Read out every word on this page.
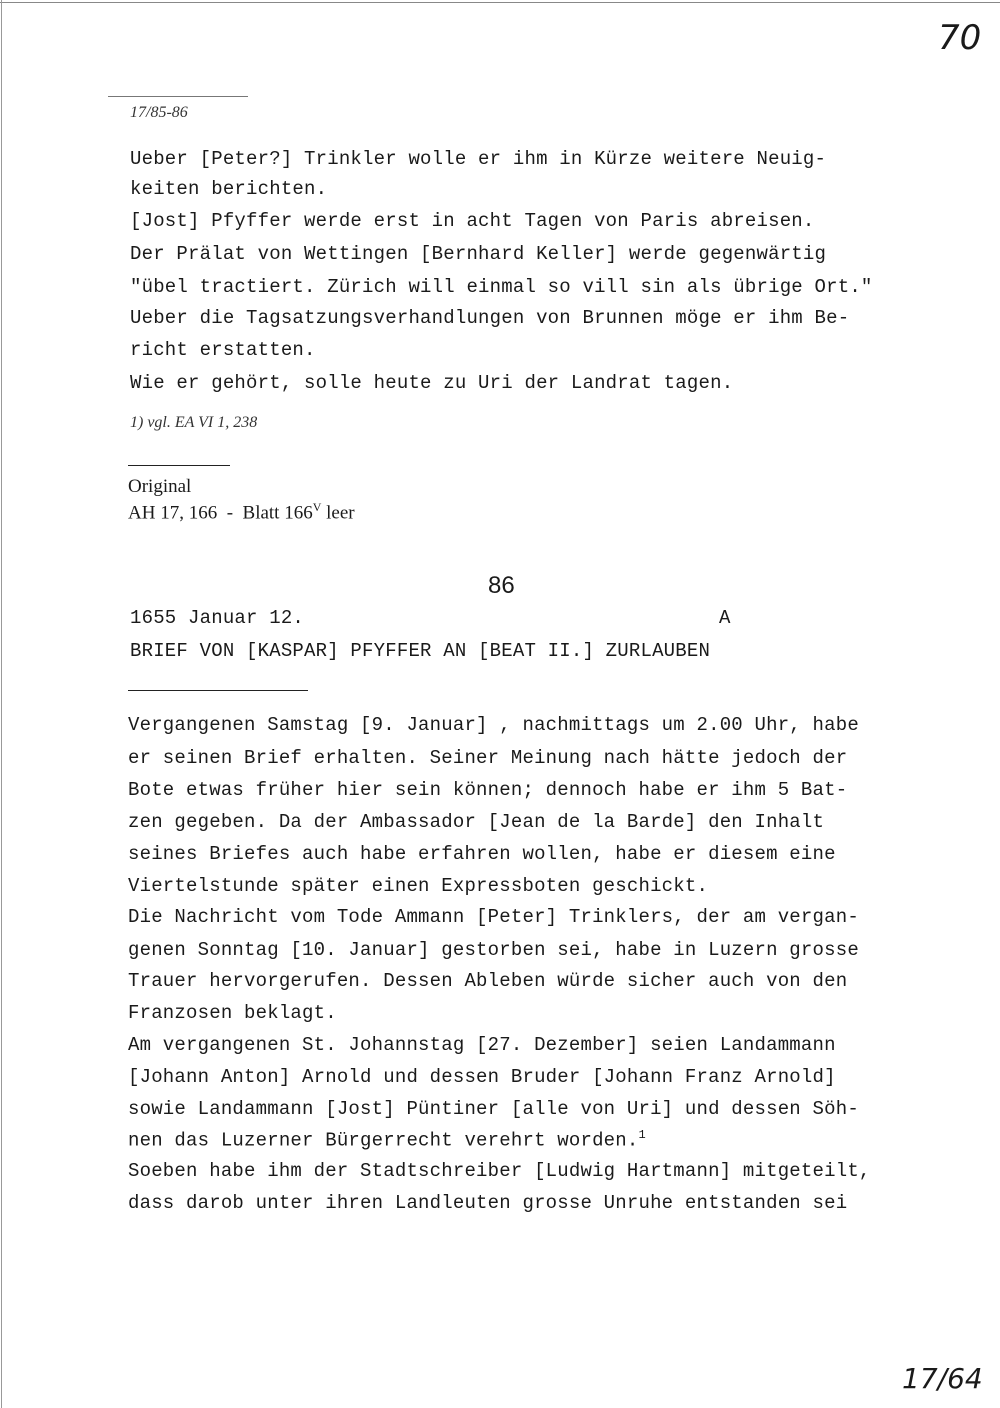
70
17/85-86
Ueber [Peter?] Trinkler wolle er ihm in Kürze weitere Neuig-
keiten berichten.
[Jost] Pfyffer werde erst in acht Tagen von Paris abreisen.
Der Prälat von Wettingen [Bernhard Keller] werde gegenwärtig
"übel tractiert. Zürich will einmal so vill sin als übrige Ort."
Ueber die Tagsatzungsverhandlungen von Brunnen möge er ihm Be-
richt erstatten.
Wie er gehört, solle heute zu Uri der Landrat tagen.
1) vgl. EA VI 1, 238
Original
AH 17, 166  -  Blatt $166^V$ leer
86
1655 Januar 12.	A
BRIEF VON [KASPAR] PFYFFER AN [BEAT II.] ZURLAUBEN
Vergangenen Samstag [9. Januar] , nachmittags um 2.00 Uhr, habe
er seinen Brief erhalten. Seiner Meinung nach hätte jedoch der
Bote etwas früher hier sein können; dennoch habe er ihm 5 Bat-
zen gegeben. Da der Ambassador [Jean de la Barde] den Inhalt
seines Briefes auch habe erfahren wollen, habe er diesem eine
Viertelstunde später einen Expressboten geschickt.
Die Nachricht vom Tode Ammann [Peter] Trinklers, der am vergan-
genen Sonntag [10. Januar] gestorben sei, habe in Luzern grosse
Trauer hervorgerufen. Dessen Ableben würde sicher auch von den
Franzosen beklagt.
Am vergangenen St. Johannstag [27. Dezember] seien Landammann
[Johann Anton] Arnold und dessen Bruder [Johann Franz Arnold]
sowie Landammann [Jost] Püntiner [alle von Uri] und dessen Söh-
nen das Luzerner Bürgerrecht verehrt worden.$^1$
Soeben habe ihm der Stadtschreiber [Ludwig Hartmann] mitgeteilt,
dass darob unter ihren Landleuten grosse Unruhe entstanden sei
17/64
